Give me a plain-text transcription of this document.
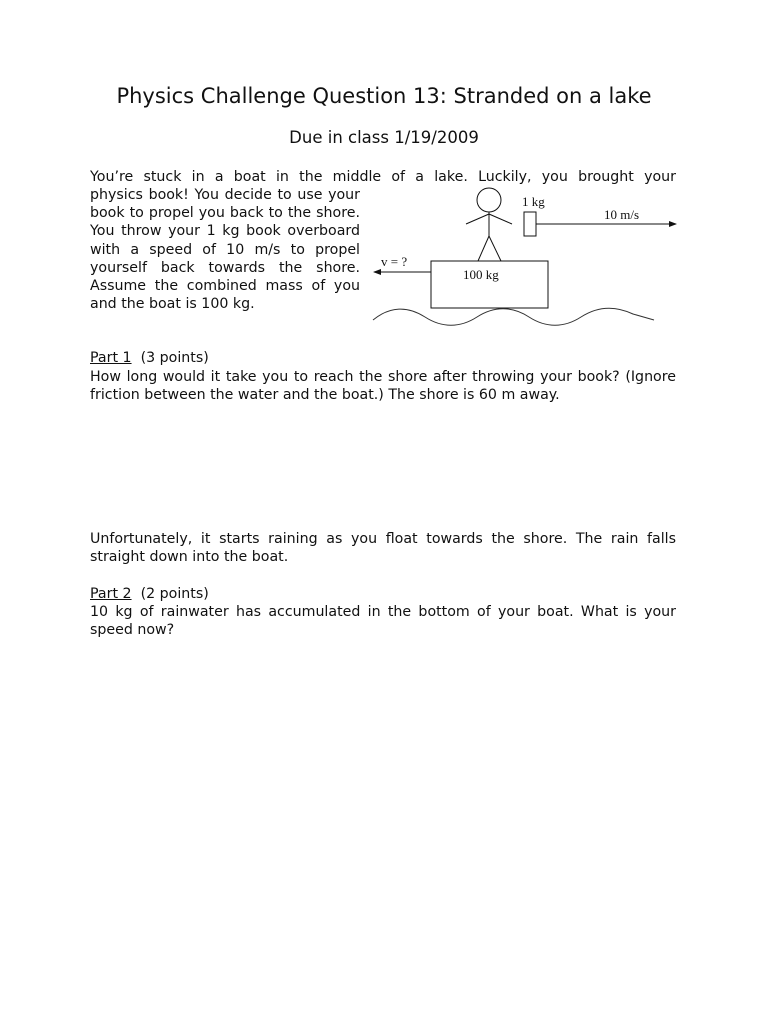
Physics Challenge Question 13: Stranded on a lake

Due in class 1/19/2009

You’re stuck in a boat in the middle of a lake. Luckily, you brought your

physics book! You decide to use your book to propel you back to the shore. You throw your 1 kg book overboard with a speed of 10 m/s to propel yourself back towards the shore. Assume the combined mass of you and the boat is 100 kg.

1 kg
10 m/s
100 kg
v = ?

Part 1 (3 points)

How long would it take you to reach the shore after throwing your book? (Ignore friction between the water and the boat.) The shore is 60 m away.

Unfortunately, it starts raining as you float towards the shore. The rain falls straight down into the boat.

Part 2 (2 points)

10 kg of rainwater has accumulated in the bottom of your boat. What is your speed now?
